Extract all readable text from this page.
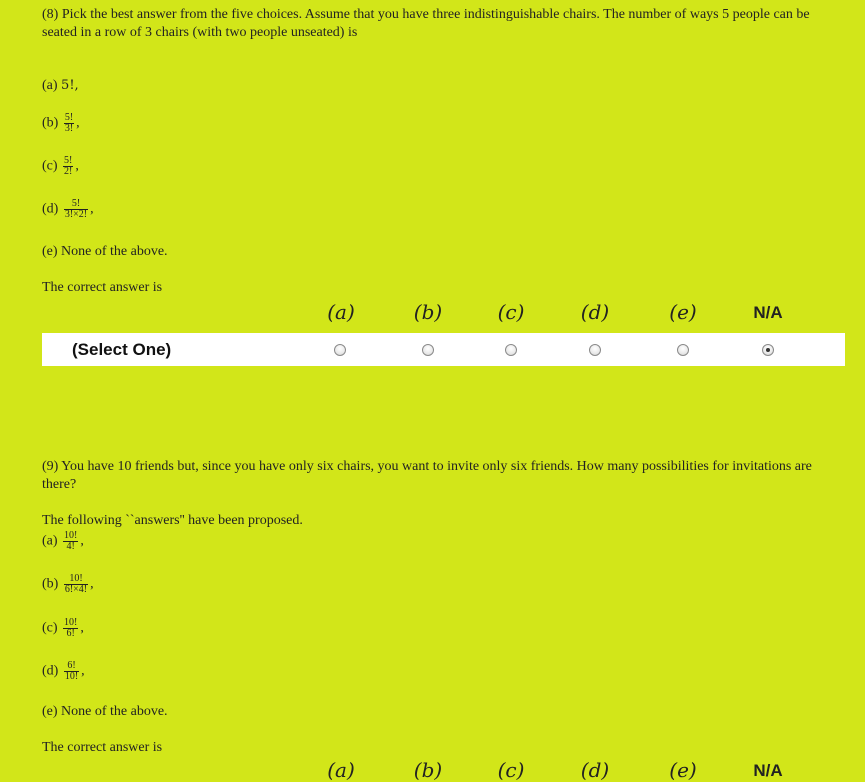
(8) Pick the best answer from the five choices. Assume that you have three indistinguishable chairs. The number of ways 5 people can be seated in a row of 3 chairs (with two people unseated) is
(a) 5!,
$(b) \frac{5!}{3!}$ ,
$(c) \frac{5!}{2!}$ ,
$(d) \frac{5!}{3!\times 2!}$ ,
(e) None of the above.
The correct answer is
(a)	(b)	(c)	(d)	(e)	N/A
(Select One)
(9) You have 10 friends but, since you have only six chairs, you want to invite only six friends. How many possibilities for invitations are there?
The following ``answers'' have been proposed.
$(a) \frac{10!}{4!}$ ,
$(b) \frac{10!}{6!\times 4!}$ ,
$(c) \frac{10!}{6!}$ ,
$(d) \frac{6!}{10!}$ ,
(e) None of the above.
The correct answer is
(a)	(b)	(c)	(d)	(e)	N/A
